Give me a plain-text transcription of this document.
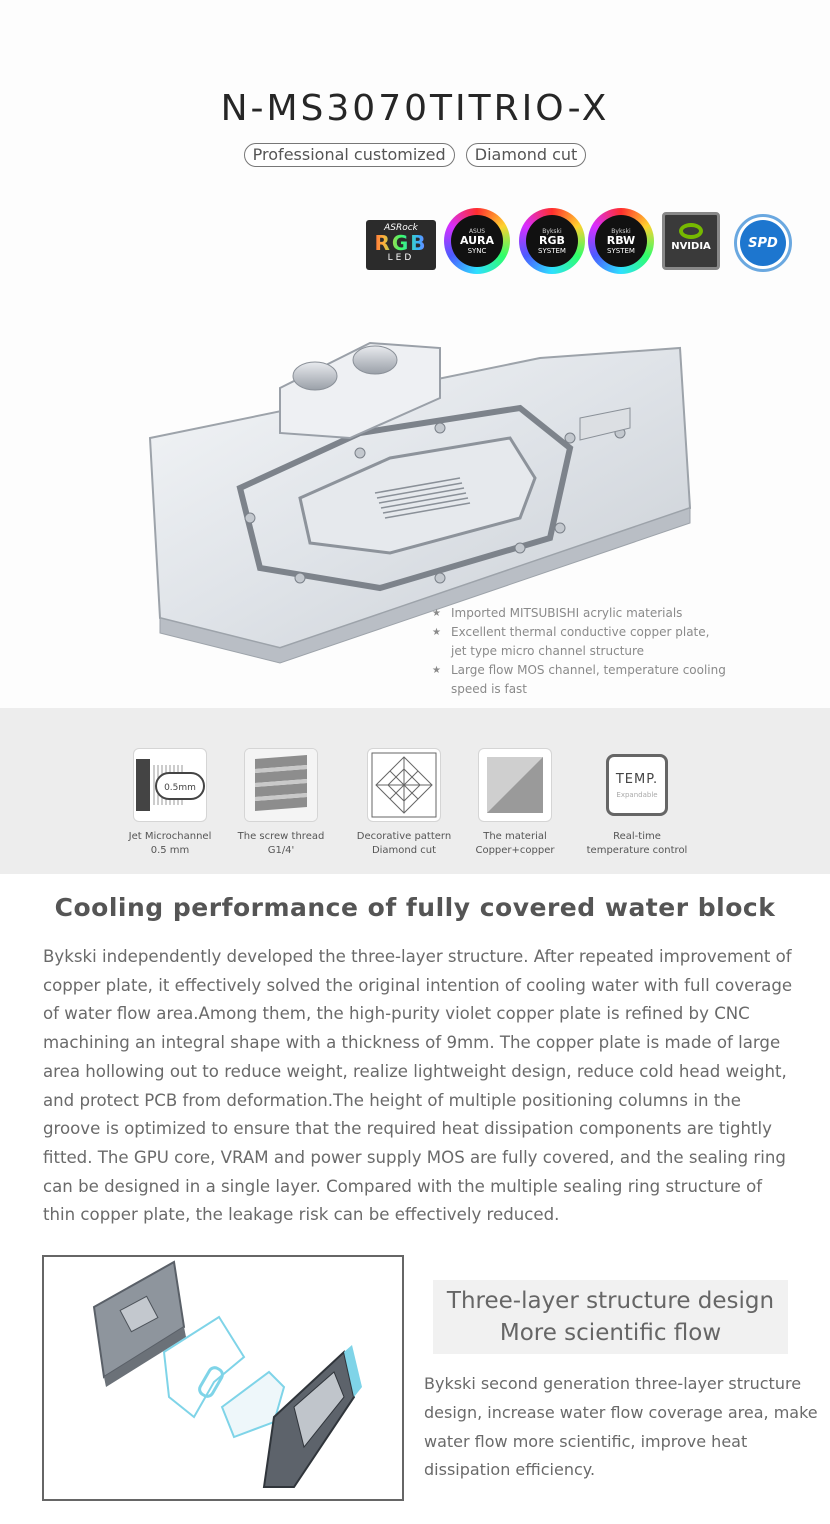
N-MS3070TITRIO-X
Professional customized Diamond cut
ASRock
RGB
LED
ASUS
AURA
SYNC
Bykski
RGB
SYSTEM
Bykski
RBW
SYSTEM	NVIDIA	SPD
★ Imported MITSUBISHI acrylic materials
★ Excellent thermal conductive copper plate,
jet type micro channel structure
★ Large flow MOS channel, temperature cooling
speed is fast
0.5mm
Jet Microchannel
0.5 mm
The screw thread
G1/4'
Decorative pattern
Diamond cut
The material
Copper+copper
TEMP.
Expandable
Real-time
temperature control
Cooling performance of fully covered water block
Bykski independently developed the three-layer structure. After repeated improvement of copper plate, it effectively solved the original intention of cooling water with full coverage of water flow area.Among them, the high-purity violet copper plate is refined by CNC machining an integral shape with a thickness of 9mm. The copper plate is made of large area hollowing out to reduce weight, realize lightweight design, reduce cold head weight, and protect PCB from deformation.The height of multiple positioning columns in the groove is optimized to ensure that the required heat dissipation components are tightly fitted. The GPU core, VRAM and power supply MOS are fully covered, and the sealing ring can be designed in a single layer. Compared with the multiple sealing ring structure of thin copper plate, the leakage risk can be effectively reduced.
Three-layer structure design
More scientific flow
Bykski second generation three-layer structure design, increase water flow coverage area, make water flow more scientific, improve heat dissipation efficiency.
